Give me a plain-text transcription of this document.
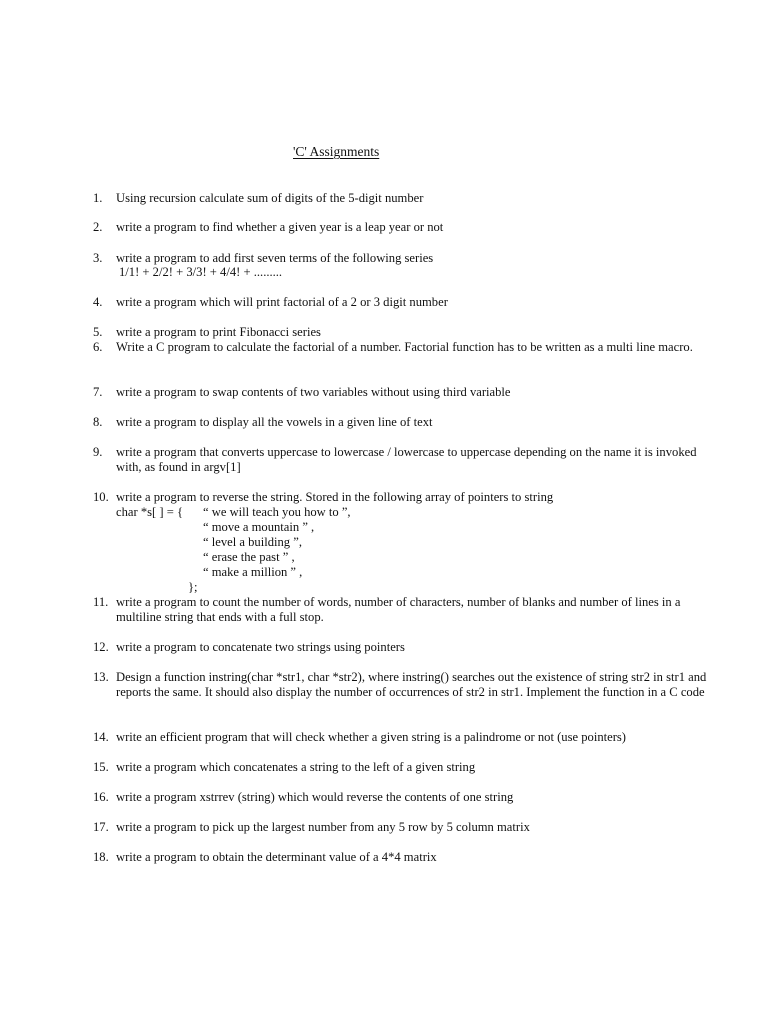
'C' Assignments
1.	Using recursion calculate sum of digits of the 5-digit number
2.	write a program to find whether a given year is a leap year or not
3.	write a program to add first seven terms of the following series
1/1! + 2/2! + 3/3! + 4/4! + .........
4.	write a program which will print factorial of a 2 or 3 digit number
5.	write a program to print Fibonacci series
6.	Write a C program to calculate the factorial of a number. Factorial function has to be written as a multi line macro.
7.	write a program to swap contents of two variables without using third variable
8.	write a program to display all the vowels in a given line of text
9.	write a program that converts uppercase to lowercase / lowercase to uppercase depending on the name it is invoked with, as found in argv[1]
10. write a program to reverse the string. Stored in the following array of pointers to string
char *s[ ] = { “ we will teach you how to ”,
“ move a mountain ” ,
“ level a building ”,
“ erase the past ” ,
“ make a million ” ,
};
11. write a program to count the number of words, number of characters, number of blanks and number of lines in a multiline string that ends with a full stop.
12. write a program to concatenate two strings using pointers
13. Design a function instring(char *str1, char *str2), where instring() searches out the existence of string str2 in str1 and reports the same. It should also display the number of occurrences of str2 in str1. Implement the function in a C code
14. write an efficient program that will check whether a given string is a palindrome or not (use pointers)
15. write a program which concatenates a string to the left of a given string
16. write a program xstrrev (string) which would reverse the contents of one string
17. write a program to pick up the largest number from any 5 row by 5 column matrix
18. write a program to obtain the determinant value of a 4*4 matrix
